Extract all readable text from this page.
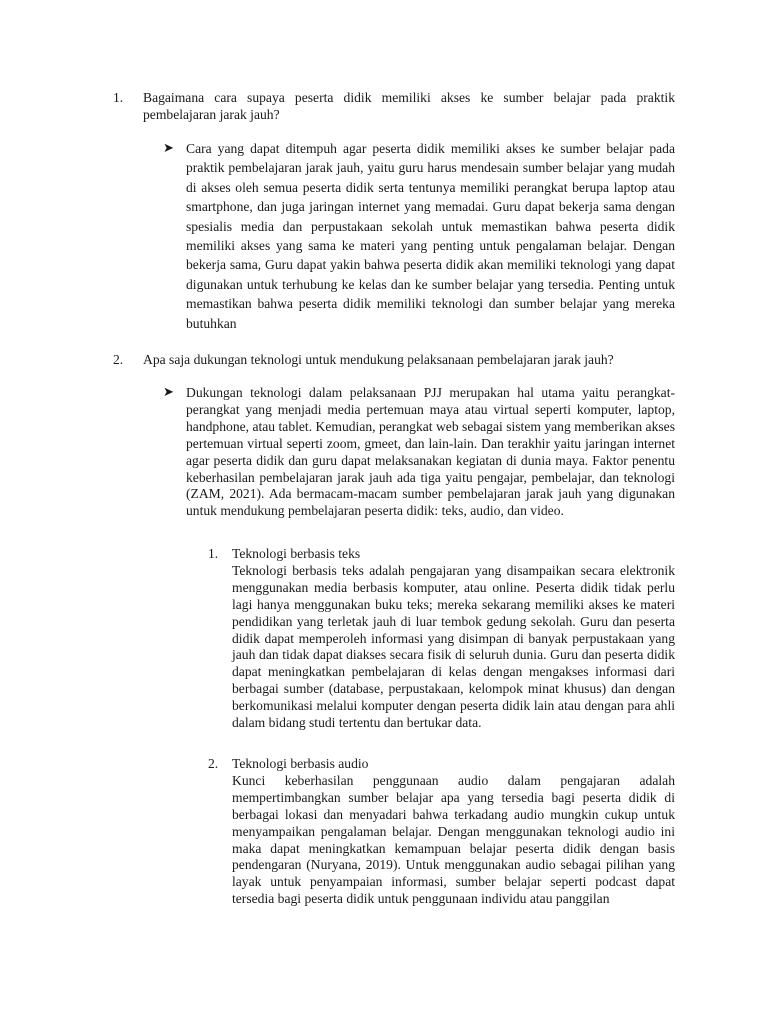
1. Bagaimana cara supaya peserta didik memiliki akses ke sumber belajar pada praktik pembelajaran jarak jauh?
➤ Cara yang dapat ditempuh agar peserta didik memiliki akses ke sumber belajar pada praktik pembelajaran jarak jauh, yaitu guru harus mendesain sumber belajar yang mudah di akses oleh semua peserta didik serta tentunya memiliki perangkat berupa laptop atau smartphone, dan juga jaringan internet yang memadai. Guru dapat bekerja sama dengan spesialis media dan perpustakaan sekolah untuk memastikan bahwa peserta didik memiliki akses yang sama ke materi yang penting untuk pengalaman belajar. Dengan bekerja sama, Guru dapat yakin bahwa peserta didik akan memiliki teknologi yang dapat digunakan untuk terhubung ke kelas dan ke sumber belajar yang tersedia. Penting untuk memastikan bahwa peserta didik memiliki teknologi dan sumber belajar yang mereka butuhkan
2. Apa saja dukungan teknologi untuk mendukung pelaksanaan pembelajaran jarak jauh?
➤ Dukungan teknologi dalam pelaksanaan PJJ merupakan hal utama yaitu perangkat-perangkat yang menjadi media pertemuan maya atau virtual seperti komputer, laptop, handphone, atau tablet. Kemudian, perangkat web sebagai sistem yang memberikan akses pertemuan virtual seperti zoom, gmeet, dan lain-lain. Dan terakhir yaitu jaringan internet agar peserta didik dan guru dapat melaksanakan kegiatan di dunia maya. Faktor penentu keberhasilan pembelajaran jarak jauh ada tiga yaitu pengajar, pembelajar, dan teknologi (ZAM, 2021). Ada bermacam-macam sumber pembelajaran jarak jauh yang digunakan untuk mendukung pembelajaran peserta didik: teks, audio, dan video.
1. Teknologi berbasis teks
Teknologi berbasis teks adalah pengajaran yang disampaikan secara elektronik menggunakan media berbasis komputer, atau online. Peserta didik tidak perlu lagi hanya menggunakan buku teks; mereka sekarang memiliki akses ke materi pendidikan yang terletak jauh di luar tembok gedung sekolah. Guru dan peserta didik dapat memperoleh informasi yang disimpan di banyak perpustakaan yang jauh dan tidak dapat diakses secara fisik di seluruh dunia. Guru dan peserta didik dapat meningkatkan pembelajaran di kelas dengan mengakses informasi dari berbagai sumber (database, perpustakaan, kelompok minat khusus) dan dengan berkomunikasi melalui komputer dengan peserta didik lain atau dengan para ahli dalam bidang studi tertentu dan bertukar data.
2. Teknologi berbasis audio
Kunci keberhasilan penggunaan audio dalam pengajaran adalah mempertimbangkan sumber belajar apa yang tersedia bagi peserta didik di berbagai lokasi dan menyadari bahwa terkadang audio mungkin cukup untuk menyampaikan pengalaman belajar. Dengan menggunakan teknologi audio ini maka dapat meningkatkan kemampuan belajar peserta didik dengan basis pendengaran (Nuryana, 2019). Untuk menggunakan audio sebagai pilihan yang layak untuk penyampaian informasi, sumber belajar seperti podcast dapat tersedia bagi peserta didik untuk penggunaan individu atau panggilan
